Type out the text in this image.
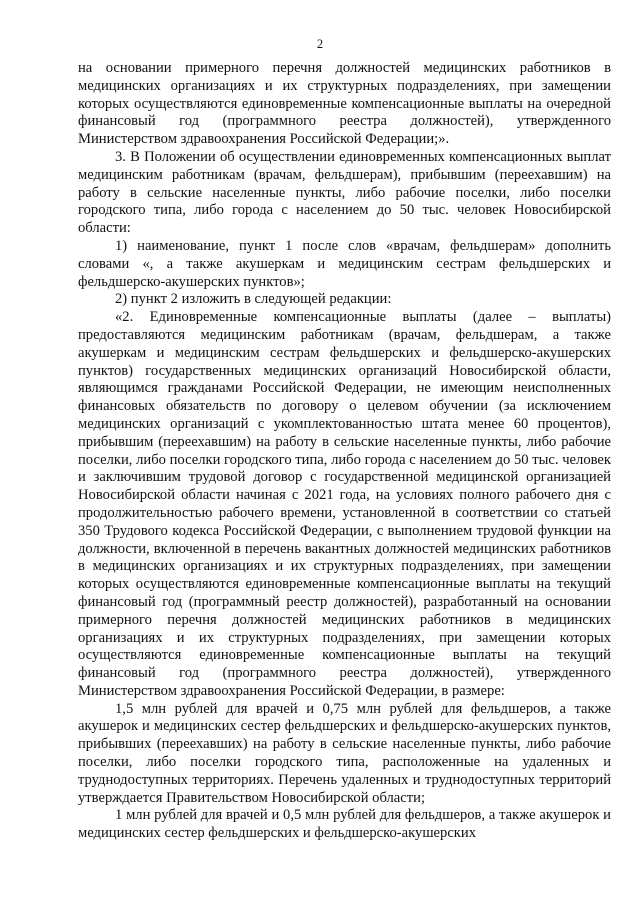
2

на основании примерного перечня должностей медицинских работников в медицинских организациях и их структурных подразделениях, при замещении которых осуществляются единовременные компенсационные выплаты на очередной финансовый год (программного реестра должностей), утвержденного Министерством здравоохранения Российской Федерации;».

3. В Положении об осуществлении единовременных компенсационных выплат медицинским работникам (врачам, фельдшерам), прибывшим (переехавшим) на работу в сельские населенные пункты, либо рабочие поселки, либо поселки городского типа, либо города с населением до 50 тыс. человек Новосибирской области:

1) наименование, пункт 1 после слов «врачам, фельдшерам» дополнить словами «, а также акушеркам и медицинским сестрам фельдшерских и фельдшерско-акушерских пунктов»;

2) пункт 2 изложить в следующей редакции:

«2. Единовременные компенсационные выплаты (далее – выплаты) предоставляются медицинским работникам (врачам, фельдшерам, а также акушеркам и медицинским сестрам фельдшерских и фельдшерско-акушерских пунктов) государственных медицинских организаций Новосибирской области, являющимся гражданами Российской Федерации, не имеющим неисполненных финансовых обязательств по договору о целевом обучении (за исключением медицинских организаций с укомплектованностью штата менее 60 процентов), прибывшим (переехавшим) на работу в сельские населенные пункты, либо рабочие поселки, либо поселки городского типа, либо города с населением до 50 тыс. человек и заключившим трудовой договор с государственной медицинской организацией Новосибирской области начиная с 2021 года, на условиях полного рабочего дня с продолжительностью рабочего времени, установленной в соответствии со статьей 350 Трудового кодекса Российской Федерации, с выполнением трудовой функции на должности, включенной в перечень вакантных должностей медицинских работников в медицинских организациях и их структурных подразделениях, при замещении которых осуществляются единовременные компенсационные выплаты на текущий финансовый год (программный реестр должностей), разработанный на основании примерного перечня должностей медицинских работников в медицинских организациях и их структурных подразделениях, при замещении которых осуществляются единовременные компенсационные выплаты на текущий финансовый год (программного реестра должностей), утвержденного Министерством здравоохранения Российской Федерации, в размере:

1,5 млн рублей для врачей и 0,75 млн рублей для фельдшеров, а также акушерок и медицинских сестер фельдшерских и фельдшерско-акушерских пунктов, прибывших (переехавших) на работу в сельские населенные пункты, либо рабочие поселки, либо поселки городского типа, расположенные на удаленных и труднодоступных территориях. Перечень удаленных и труднодоступных территорий утверждается Правительством Новосибирской области;

1 млн рублей для врачей и 0,5 млн рублей для фельдшеров, а также акушерок и медицинских сестер фельдшерских и фельдшерско-акушерских
